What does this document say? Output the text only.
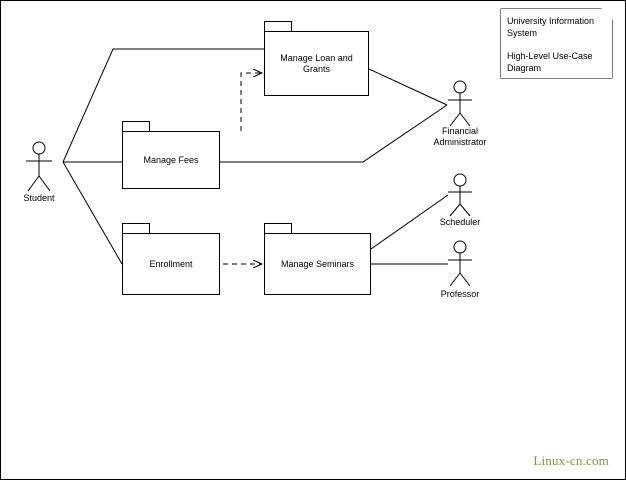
Manage Loan and Grants
Manage Fees
Enrollment	Manage Seminars
Student
Financial Administrator
Scheduler
Professor
University Information System
High-Level Use-Case Diagram
Linux-cn.com
